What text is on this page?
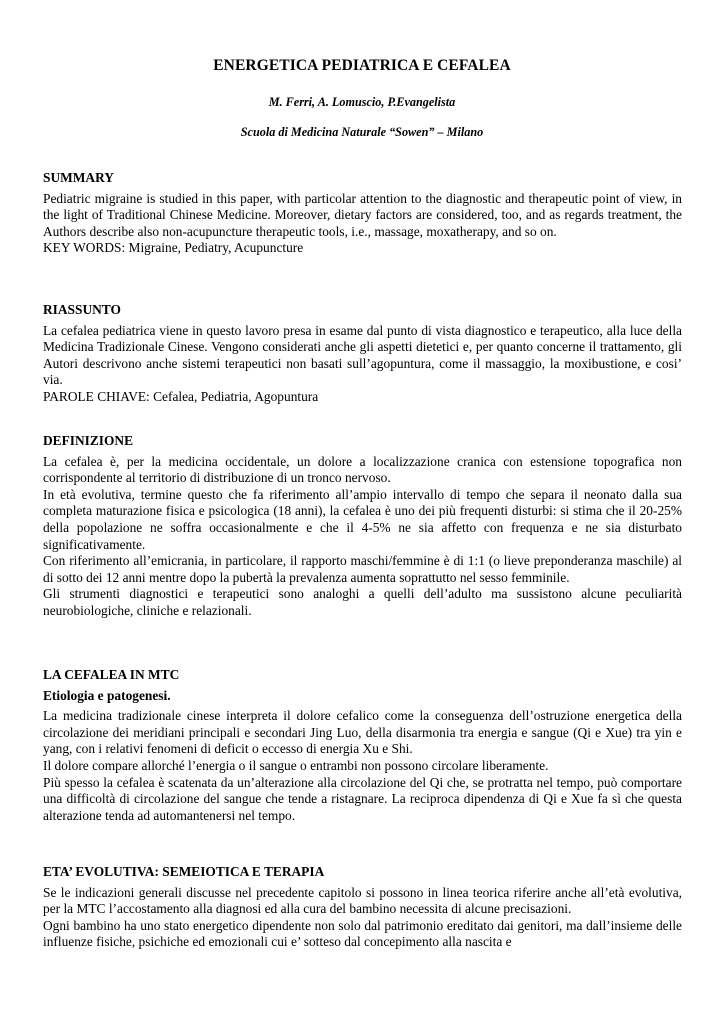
ENERGETICA PEDIATRICA E CEFALEA
M. Ferri, A. Lomuscio, P.Evangelista
Scuola di Medicina Naturale “Sowen” – Milano
SUMMARY

Pediatric migraine is studied in this paper, with particolar attention to the diagnostic and therapeutic point of view, in the light of Traditional Chinese Medicine. Moreover, dietary factors are considered, too, and as regards treatment, the Authors describe also non-acupuncture therapeutic tools, i.e., massage, moxatherapy, and so on.

KEY WORDS: Migraine, Pediatry, Acupuncture

RIASSUNTO

La cefalea pediatrica viene in questo lavoro presa in esame dal punto di vista diagnostico e terapeutico, alla luce della Medicina Tradizionale Cinese. Vengono considerati anche gli aspetti dietetici e, per quanto concerne il trattamento, gli Autori descrivono anche sistemi terapeutici non basati sull’agopuntura, come il massaggio, la moxibustione, e cosi’ via.

PAROLE CHIAVE: Cefalea, Pediatria, Agopuntura

DEFINIZIONE

La cefalea è, per la medicina occidentale, un dolore a localizzazione cranica con estensione topografica non corrispondente al territorio di distribuzione di un tronco nervoso.

In età evolutiva, termine questo che fa riferimento all’ampio intervallo di tempo che separa il neonato dalla sua completa maturazione fisica e psicologica (18 anni), la cefalea è uno dei più frequenti disturbi: si stima che il 20-25% della popolazione ne soffra occasionalmente e che il 4-5% ne sia affetto con frequenza e ne sia disturbato significativamente.

Con riferimento all’emicrania, in particolare, il rapporto maschi/femmine è di 1:1 (o lieve preponderanza maschile) al di sotto dei 12 anni mentre dopo la pubertà la prevalenza aumenta soprattutto nel sesso femminile.

Gli strumenti diagnostici e terapeutici sono analoghi a quelli dell’adulto ma sussistono alcune peculiarità neurobiologiche, cliniche e relazionali.

LA CEFALEA IN MTC
Etiologia e patogenesi.

La medicina tradizionale cinese interpreta il dolore cefalico come la conseguenza dell’ostruzione energetica della circolazione dei meridiani principali e secondari Jing Luo, della disarmonia tra energia e sangue (Qi e Xue) tra yin e yang, con i relativi fenomeni di deficit o eccesso di energia Xu e Shi.

Il dolore compare allorché l’energia o il sangue o entrambi non possono circolare liberamente.

Più spesso la cefalea è scatenata da un’alterazione alla circolazione del Qi che, se protratta nel tempo, può comportare una difficoltà di circolazione del sangue che tende a ristagnare. La reciproca dipendenza di Qi e Xue fa sì che questa alterazione tenda ad automantenersi nel tempo.

ETA’ EVOLUTIVA: SEMEIOTICA E TERAPIA

Se le indicazioni generali discusse nel precedente capitolo si possono in linea teorica riferire anche all’età evolutiva, per la MTC l’accostamento alla diagnosi ed alla cura del bambino necessita di alcune precisazioni.

Ogni bambino ha uno stato energetico dipendente non solo dal patrimonio ereditato dai genitori, ma dall’insieme delle influenze fisiche, psichiche ed emozionali cui e’ sotteso dal concepimento alla nascita e
